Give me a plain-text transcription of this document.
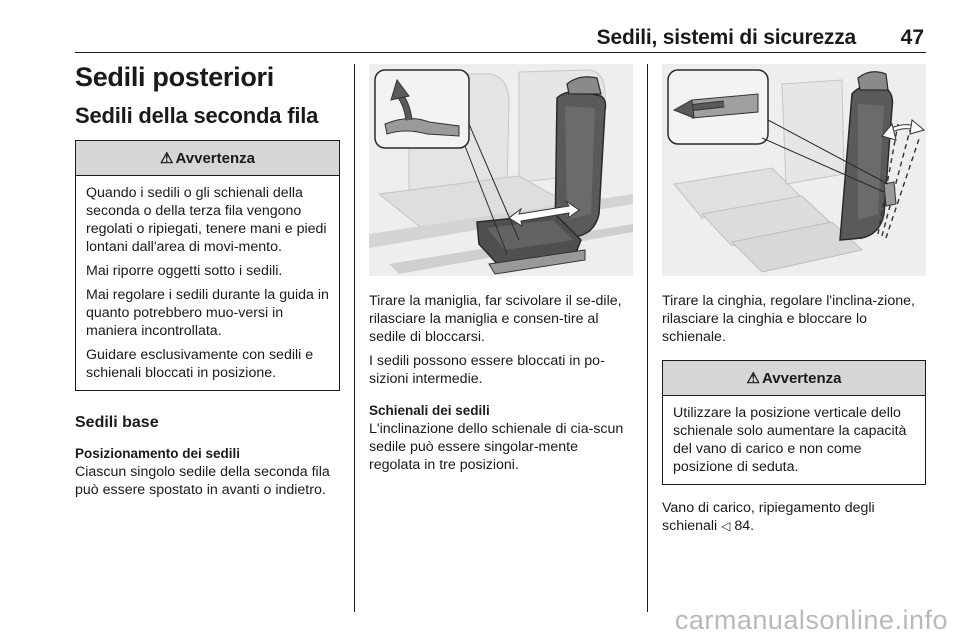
Sedili, sistemi di sicurezza 47
Sedili posteriori
Sedili della seconda fila
⚠ Avvertenza

Quando i sedili o gli schienali della seconda o della terza fila vengono regolati o ripiegati, tenere mani e piedi lontani dall'area di movi-mento.

Mai riporre oggetti sotto i sedili.

Mai regolare i sedili durante la guida in quanto potrebbero muo-versi in maniera incontrollata.

Guidare esclusivamente con sedili e schienali bloccati in posizione.

Sedili base
Posizionamento dei sedili

Ciascun singolo sedile della seconda fila può essere spostato in avanti o indietro.

Tirare la maniglia, far scivolare il se-dile, rilasciare la maniglia e consen-tire al sedile di bloccarsi.

I sedili possono essere bloccati in po-sizioni intermedie.

Schienali dei sedili

L'inclinazione dello schienale di cia-scun sedile può essere singolar-mente regolata in tre posizioni.

Tirare la cinghia, regolare l'inclina-zione, rilasciare la cinghia e bloccare lo schienale.

⚠ Avvertenza

Utilizzare la posizione verticale dello schienale solo aumentare la capacità del vano di carico e non come posizione di seduta.

Vano di carico, ripiegamento degli schienali ◁ 84.

carmanualsonline.info
